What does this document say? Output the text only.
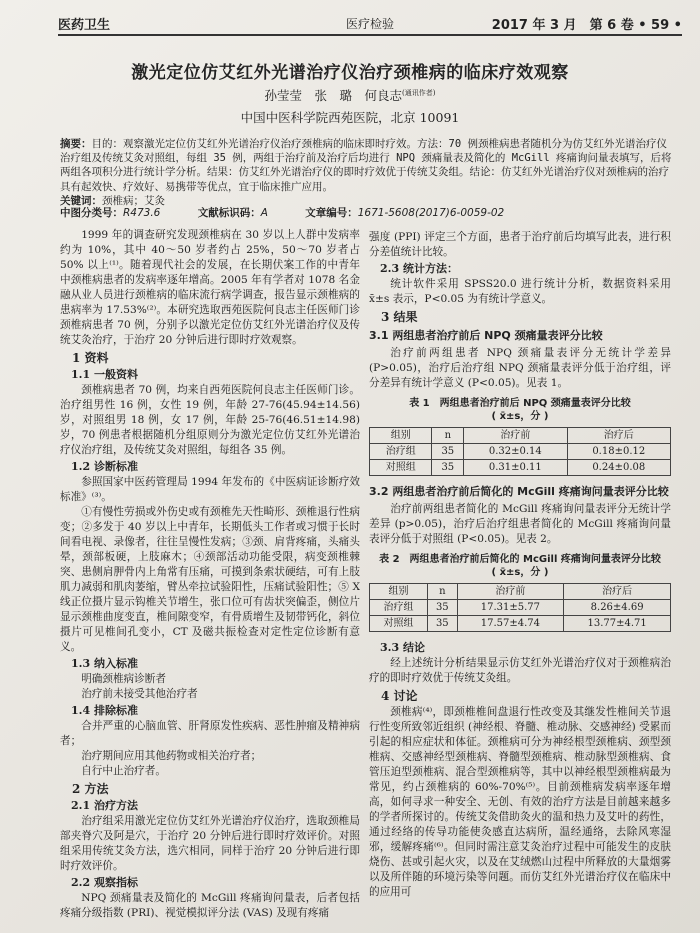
医药卫生	医疗检验	2017 年 3 月　第 6 卷 • 59 •
激光定位仿艾红外光谱治疗仪治疗颈椎病的临床疗效观察
孙莹莹　张　璐　何良志$^{(通讯作者)}$
中国中医科学院西苑医院，北京 10091
摘要：目的：观察激光定位仿艾红外光谱治疗仪治疗颈椎病的临床即时疗效。方法：70 例颈椎病患者随机分为仿艾红外光谱治疗仪治疗组及传统艾灸对照组，每组 35 例，两组于治疗前及治疗后均进行 NPQ 颈痛量表及简化的 McGill 疼痛询问量表填写，后将两组各项积分进行统计学分析。结果：仿艾红外光谱治疗仪的即时疗效优于传统艾灸组。结论：仿艾红外光谱治疗仪对颈椎病的治疗具有起效快、疗效好、易携带等优点，宜于临床推广应用。
关键词：颈椎病；艾灸
中图分类号：R473.6	文献标识码：A	文章编号：1671-5608(2017)6-0059-02

1999 年的调查研究发现颈椎病在 30 岁以上人群中发病率约为 10%，其中 40～50 岁者约占 25%，50～70 岁者占 50% 以上⁽¹⁾。随着现代社会的发展，在长期伏案工作的中青年中颈椎病患者的发病率逐年增高。2005 年有学者对 1078 名金融从业人员进行颈椎病的临床流行病学调查，报告显示颈椎病的患病率为 17.53%⁽²⁾。本研究选取西苑医院何良志主任医师门诊颈椎病患者 70 例，分别予以激光定位仿艾红外光谱治疗仪及传统艾灸治疗，于治疗 20 分钟后进行即时疗效观察。

1 资料
1.1 一般资料

颈椎病患者 70 例，均来自西苑医院何良志主任医师门诊。治疗组男性 16 例，女性 19 例，年龄 27-76(45.94±14.56) 岁，对照组男 18 例，女 17 例，年龄 25-76(46.51±14.98) 岁，70 例患者根据随机分组原则分为激光定位仿艾红外光谱治疗仪治疗组，及传统艾灸对照组，每组各 35 例。

1.2 诊断标准

参照国家中医药管理局 1994 年发布的《中医病证诊断疗效标准》⁽³⁾。

①有慢性劳损或外伤史或有颈椎先天性畸形、颈椎退行性病变；②多发于 40 岁以上中青年，长期低头工作者或习惯于长时间看电视、录像者，往往呈慢性发病；③颈、肩背疼痛，头痛头晕，颈部板硬，上肢麻木；④颈部活动功能受限，病变颈椎棘突、患侧肩胛骨内上角常有压痛，可摸到条索状硬结，可有上肢肌力减弱和肌肉萎缩，臂丛牵拉试验阳性，压痛试验阳性；⑤ X 线正位摄片显示钩椎关节增生，张口位可有齿状突偏歪，侧位片显示颈椎曲度变直，椎间隙变窄，有骨质增生及韧带钙化，斜位摄片可见椎间孔变小，CT 及磁共振检查对定性定位诊断有意义。

1.3 纳入标准

明确颈椎病诊断者

治疗前未接受其他治疗者

1.4 排除标准

合并严重的心脑血管、肝肾原发性疾病、恶性肿瘤及精神病者；

治疗期间应用其他药物或相关治疗者；

自行中止治疗者。

2 方法
2.1 治疗方法

治疗组采用激光定位仿艾红外光谱治疗仪治疗，选取颈椎局部夹脊穴及阿是穴，于治疗 20 分钟后进行即时疗效评价。对照组采用传统艾灸方法，选穴相同，同样于治疗 20 分钟后进行即时疗效评价。

2.2 观察指标

NPQ 颈痛量表及简化的 McGill 疼痛询问量表，后者包括疼痛分级指数 (PRI)、视觉模拟评分法 (VAS) 及现有疼痛

强度 (PPI) 评定三个方面，患者于治疗前后均填写此表，进行积分差值统计比较。

2.3 统计方法：

统计软件采用 SPSS20.0 进行统计分析，数据资料采用 x̄±s 表示，P<0.05 为有统计学意义。

3 结果
3.1 两组患者治疗前后 NPQ 颈痛量表评分比较

治疗前两组患者 NPQ 颈痛量表评分无统计学差异 (P>0.05)，治疗后治疗组 NPQ 颈痛量表评分低于治疗组，评分差异有统计学意义 (P<0.05)。见表 1。

表 1　两组患者治疗前后 NPQ 颈痛量表评分比较
( x̄±s，分 )
组别	n	治疗前	治疗后
治疗组	35	0.32±0.14	0.18±0.12
对照组	35	0.31±0.11	0.24±0.08
3.2 两组患者治疗前后简化的 McGill 疼痛询问量表评分比较

治疗前两组患者简化的 McGill 疼痛询问量表评分无统计学差异 (p>0.05)，治疗后治疗组患者简化的 McGill 疼痛询问量表评分低于对照组 (P<0.05)。见表 2。

表 2　两组患者治疗前后简化的 McGill 疼痛询问量表评分比较
( x̄±s，分 )
组别	n	治疗前	治疗后
治疗组	35	17.31±5.77	8.26±4.69
对照组	35	17.57±4.74	13.77±4.71
3.3 结论

经上述统计分析结果显示仿艾红外光谱治疗仪对于颈椎病治疗的即时疗效优于传统艾灸组。

4 讨论

颈椎病⁽⁴⁾，即颈椎椎间盘退行性改变及其继发性椎间关节退行性变所致邻近组织 (神经根、脊髓、椎动脉、交感神经) 受累而引起的相应症状和体征。颈椎病可分为神经根型颈椎病、颈型颈椎病、交感神经型颈椎病、脊髓型颈椎病、椎动脉型颈椎病、食管压迫型颈椎病、混合型颈椎病等，其中以神经根型颈椎病最为常见，约占颈椎病的 60%-70%⁽⁵⁾。目前颈椎病发病率逐年增高，如何寻求一种安全、无创、有效的治疗方法是目前越来越多的学者所探讨的。传统艾灸借助灸火的温和热力及艾叶的药性，通过经络的传导功能使灸感直达病所，温经通络，去除风寒湿邪，缓解疼痛⁽⁶⁾。但同时需注意艾灸治疗过程中可能发生的皮肤烧伤、甚或引起火灾，以及在艾绒燃山过程中所释放的大量烟雾以及所伴随的环境污染等问题。而仿艾红外光谱治疗仪在临床中的应用可
